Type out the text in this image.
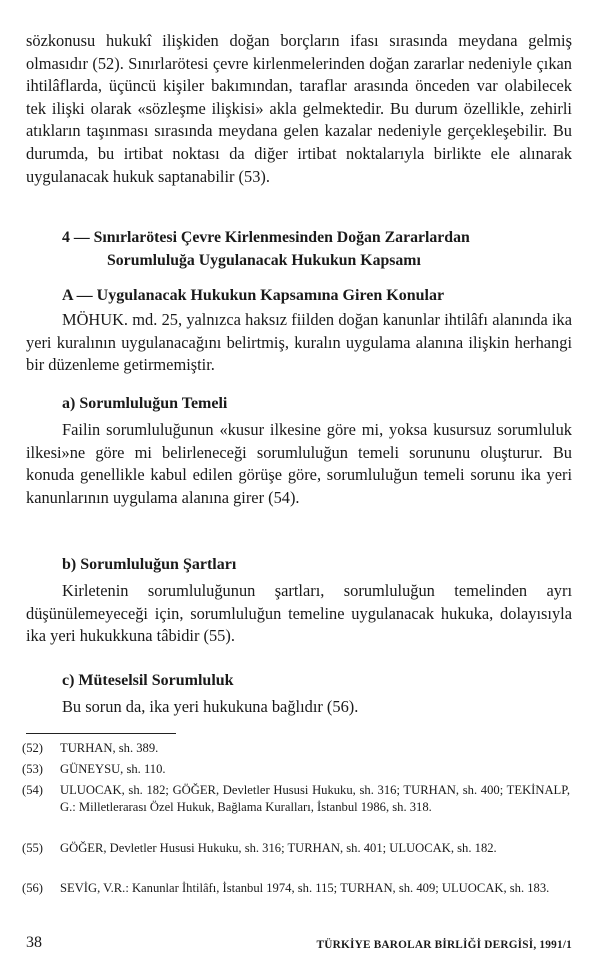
sözkonusu hukukî ilişkiden doğan borçların ifası sırasında meydana gelmiş olmasıdır (52). Sınırlarötesi çevre kirlenmelerinden doğan zararlar nedeniyle çıkan ihtilâflarda, üçüncü kişiler bakımından, taraflar arasında önceden var olabilecek tek ilişki olarak «sözleşme ilişkisi» akla gelmektedir. Bu durum özellikle, zehirli atıkların taşınması sırasında meydana gelen kazalar nedeniyle gerçekleşebilir. Bu durumda, bu irtibat noktası da diğer irtibat noktalarıyla birlikte ele alınarak uygulanacak hukuk saptanabilir (53).

4 — Sınırlarötesi Çevre Kirlenmesinden Doğan Zararlardan
Sorumluluğa Uygulanacak Hukukun Kapsamı
A — Uygulanacak Hukukun Kapsamına Giren Konular

MÖHUK. md. 25, yalnızca haksız fiilden doğan kanunlar ihtilâfı alanında ika yeri kuralının uygulanacağını belirtmiş, kuralın uygulama alanına ilişkin herhangi bir düzenleme getirmemiştir.

a) Sorumluluğun Temeli

Failin sorumluluğunun «kusur ilkesine göre mi, yoksa kusursuz sorumluluk ilkesi»ne göre mi belirleneceği sorumluluğun temeli sorununu oluşturur. Bu konuda genellikle kabul edilen görüşe göre, sorumluluğun temeli sorunu ika yeri kanunlarının uygulama alanına girer (54).

b) Sorumluluğun Şartları

Kirletenin sorumluluğunun şartları, sorumluluğun temelinden ayrı düşünülemeyeceği için, sorumluluğun temeline uygulanacak hukuka, dolayısıyla ika yeri hukukkuna tâbidir (55).

c) Müteselsil Sorumluluk

Bu sorun da, ika yeri hukukuna bağlıdır (56).

(52) TURHAN, sh. 389.
(53) GÜNEYSU, sh. 110.
(54) ULUOCAK, sh. 182; GÖĞER, Devletler Hususi Hukuku, sh. 316; TURHAN, sh. 400; TEKİNALP, G.: Milletlerarası Özel Hukuk, Bağlama Kuralları, İstanbul 1986, sh. 318.
(55) GÖĞER, Devletler Hususi Hukuku, sh. 316; TURHAN, sh. 401; ULUOCAK, sh. 182.
(56) SEVİG, V.R.: Kanunlar İhtilâfı, İstanbul 1974, sh. 115; TURHAN, sh. 409; ULUOCAK, sh. 183.
38	TÜRKİYE BAROLAR BİRLİĞİ DERGİSİ, 1991/1
